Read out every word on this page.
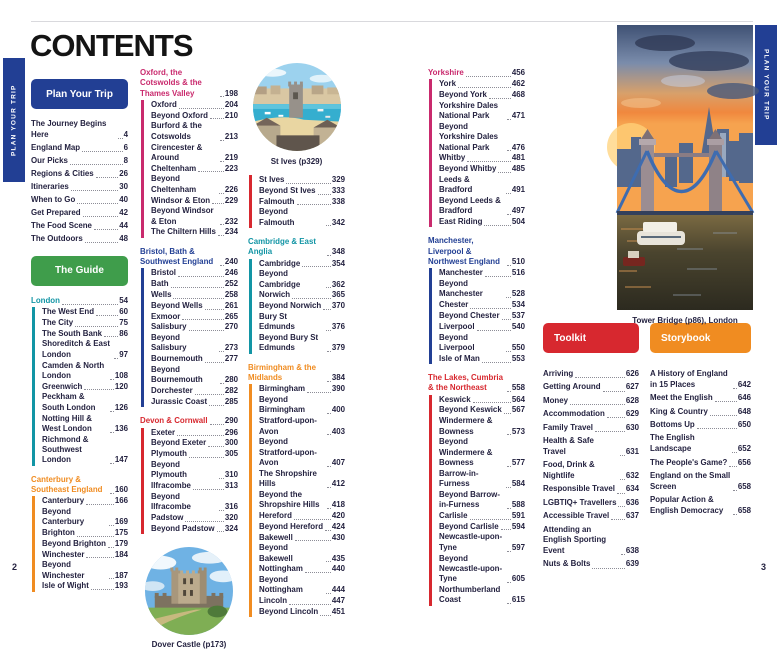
CONTENTS
PLAN YOUR TRIP	PLAN YOUR TRIP
Plan Your Trip
The Journey Begins Here	4
England Map	6
Our Picks	8
Regions & Cities	26
Itineraries	30
When to Go	40
Get Prepared	42
The Food Scene	44
The Outdoors	48
The Guide
London	54
The West End	60
The City	75
The South Bank 86
Shoreditch & East London	97
Camden & North London	108
Greenwich	120
Peckham & South London	126
Notting Hill & West London	136
Richmond & Southwest London	147
Canterbury & Southeast England	160
Canterbury	166
Beyond Canterbury	169
Brighton	175
Beyond Brighton 179
Winchester	184
Beyond Winchester	187
Isle of Wight	193
Oxford, the Cotswolds & the Thames Valley	198
Oxford	204
Beyond Oxford 210
Burford & the Cotswolds	213
Cirencester & Around	219
Cheltenham	223
Beyond Cheltenham	226
Windsor & Eton 229
Beyond Windsor & Eton	232
The Chiltern Hills 234
Bristol, Bath & Southwest England	240
Bristol	246
Bath	252
Wells	258
Beyond Wells	261
Exmoor	265
Salisbury	270
Beyond Salisbury	273
Bournemouth	277
Beyond Bournemouth	280
Dorchester	282
Jurassic Coast 285
Devon & Cornwall 290
Exeter	296
Beyond Exeter 300
Plymouth	305
Beyond Plymouth	310
Ilfracombe	313
Beyond Ilfracombe	316
Padstow	320
Beyond Padstow 324
Dover Castle (p173)
St Ives (p329)
St Ives	329
Beyond St Ives 333
Falmouth	338
Beyond Falmouth	342
Cambridge & East Anglia	348
Cambridge	354
Beyond Cambridge	362
Norwich	365
Beyond Norwich 370
Bury St Edmunds	376
Beyond Bury St Edmunds	379
Birmingham & the Midlands	384
Birmingham	390
Beyond Birmingham	400
Stratford-upon-Avon	403
Beyond Stratford-upon-Avon	407
The Shropshire Hills	412
Beyond the Shropshire Hills	418
Hereford	420
Beyond Hereford 424
Bakewell	430
Beyond Bakewell	435
Nottingham	440
Beyond Nottingham	444
Lincoln	447
Beyond Lincoln 451
Yorkshire	456
York	462
Beyond York	468
Yorkshire Dales National Park	471
Beyond Yorkshire Dales National Park	476
Whitby	481
Beyond Whitby 485
Leeds & Bradford	491
Beyond Leeds & Bradford	497
East Riding	504
Manchester, Liverpool & Northwest England	510
Manchester	516
Beyond Manchester	528
Chester	534
Beyond Chester 537
Liverpool	540
Beyond Liverpool	550
Isle of Man	553
The Lakes, Cumbria & the Northeast	558
Keswick	564
Beyond Keswick 567
Windermere & Bowness	573
Beyond Windermere & Bowness	577
Barrow-in-Furness	584
Beyond Barrow-in-Furness	588
Carlisle	591
Beyond Carlisle 594
Newcastle-upon-Tyne	597
Beyond Newcastle-upon-Tyne	605
Northumberland Coast	615
Toolkit
Arriving	626
Getting Around	627
Money	628
Accommodation	629
Family Travel	630
Health & Safe Travel	631
Food, Drink & Nightlife	632
Responsible Travel 634
LGBTIQ+ Travellers 636
Accessible Travel 637
Attending an English Sporting Event	638
Nuts & Bolts	639
Storybook
A History of England in 15 Places	642
Meet the English	646
King & Country	648
Bottoms Up	650
The English Landscape	652
The People's Game? 656
England on the Small Screen	658
Popular Action & English Democracy	658
Tower Bridge (p86), London
2	3
